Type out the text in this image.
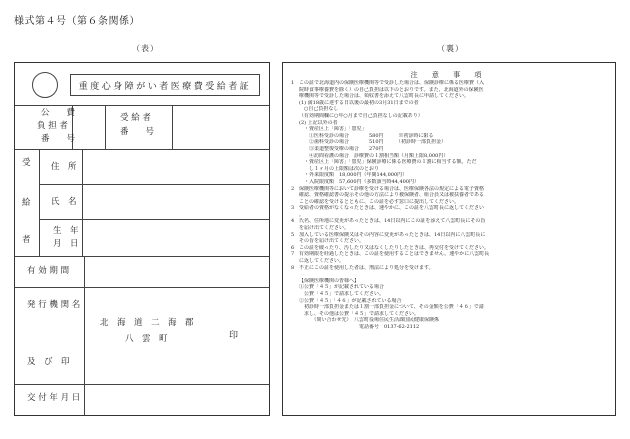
様式第４号（第６条関係）
（表）	（裏）
重度心身障がい者医療費受給者証
公　　費
負 担 者
番　　号
受 給 者
番　　号
受
給
者
住　所
氏　名
生　年
月　日
有 効 期 間
発 行 機 関 名
及　び　印
北　海　道　二　海　郡
八　雲　町	印
交 付 年 月 日
注 意 事 項
1 この証で北海道内の保険医療機関等で受診した場合は、保険診療に係る医療費（入
院時食事療養費を除く）の自己負担は以下のとおりです。また、北海道外の保険医
療機関等で受診した場合は、領収書を添えて八雲町長に申請してください。
(1) 満18歳に達する日以後の最初の3月31日までの者
　○自己負担なし
（有効期間欄に○年○月まで自己負担なしの記載あり）
(2) 上記以外の者
　・資産区上「障害」「患児」
　　①医科受診の場合　　　　580円　　　※初診時に限る
　　②歯科受診の場合　　　　510円　　　（初診時一部負担金）
　　③柔道整復受療の場合　　270円
　　④訪問看護の場合　診療費の１割相当額（月額上限8,000円）
　・資産区上「障害」「患児」保険診療に係る医療費の１割に相当する額。ただ
　　し１ヶ月の上限額は次のとおり
　・外来限度額　18,000円（年間144,000円）
　・入院限度額　57,600円（多数該当時44,400円）
2 保険医療機関等において診療を受ける場合は、医療保険各法の規定による電子資格
確認、資格確認書の提示その他の方法により被保険者、組合員又は被扶養者である
ことの確認を受けるとともに、この証を必ず窓口に提出してください。
3 受給者の資格がなくなったときは、速やかに、この証を八雲町長に返してください
。
4 氏名、住所地に変更があったときは、14日以内にこの証を添えて八雲町長にその旨
を届け出てください。
5 加入している医療保険又はその内容に変更があったときは、14日以内に八雲町長に
その旨を届け出てください。
6 この証を破ったり、汚したり又はなくしたりしたときは、再交付を受けてください。
7 有効期限を経過したときは、この証を使用することはできません。速やかに八雲町長
に返してください。
8 不正にこの証を使用した者は、刑法により処分を受けます。
【保険医療機関の皆様へ】
①公費「４５」が記載されている場合
　公費「４５」で請求してください。
②公費「４５」「４６」が記載されている場合
　初診時一部負担金または１割一部負担金について、その金額を公費「４６」で請
　求し、その他は公費「４５」で請求してください。
　　　（問い合わせ先）　八雲町役場住民生活課国民健康保険係
　　　　　　　　　　　　電話番号　0137-62-2112
